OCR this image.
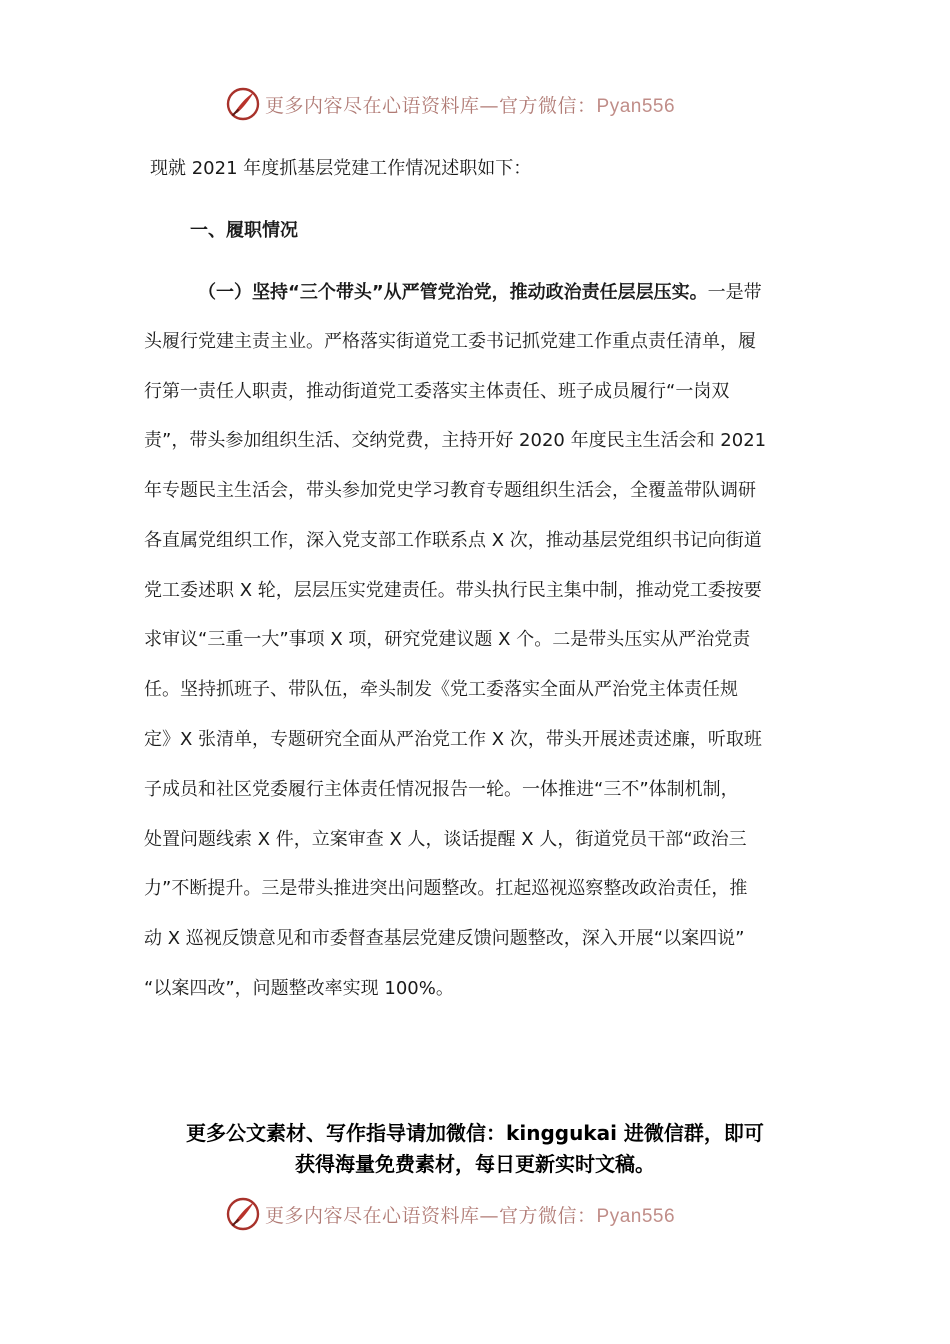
更多内容尽在心语资料库—官方微信：Pyan556
现就 2021 年度抓基层党建工作情况述职如下：
一、履职情况
（一）坚持“三个带头”从严管党治党，推动政治责任层层压实。一是带
头履行党建主责主业。严格落实街道党工委书记抓党建工作重点责任清单，履
行第一责任人职责，推动街道党工委落实主体责任、班子成员履行“一岗双
责”，带头参加组织生活、交纳党费，主持开好 2020 年度民主生活会和 2021
年专题民主生活会，带头参加党史学习教育专题组织生活会，全覆盖带队调研
各直属党组织工作，深入党支部工作联系点 X 次，推动基层党组织书记向街道
党工委述职 X 轮，层层压实党建责任。带头执行民主集中制，推动党工委按要
求审议“三重一大”事项 X 项，研究党建议题 X 个。二是带头压实从严治党责
任。坚持抓班子、带队伍，牵头制发《党工委落实全面从严治党主体责任规
定》X 张清单，专题研究全面从严治党工作 X 次，带头开展述责述廉，听取班
子成员和社区党委履行主体责任情况报告一轮。一体推进“三不”体制机制，
处置问题线索 X 件，立案审查 X 人，谈话提醒 X 人，街道党员干部“政治三
力”不断提升。三是带头推进突出问题整改。扛起巡视巡察整改政治责任，推
动 X 巡视反馈意见和市委督查基层党建反馈问题整改，深入开展“以案四说”
“以案四改”，问题整改率实现 100%。
更多公文素材、写作指导请加微信：kinggukai 进微信群，即可
获得海量免费素材，每日更新实时文稿。
更多内容尽在心语资料库—官方微信：Pyan556
